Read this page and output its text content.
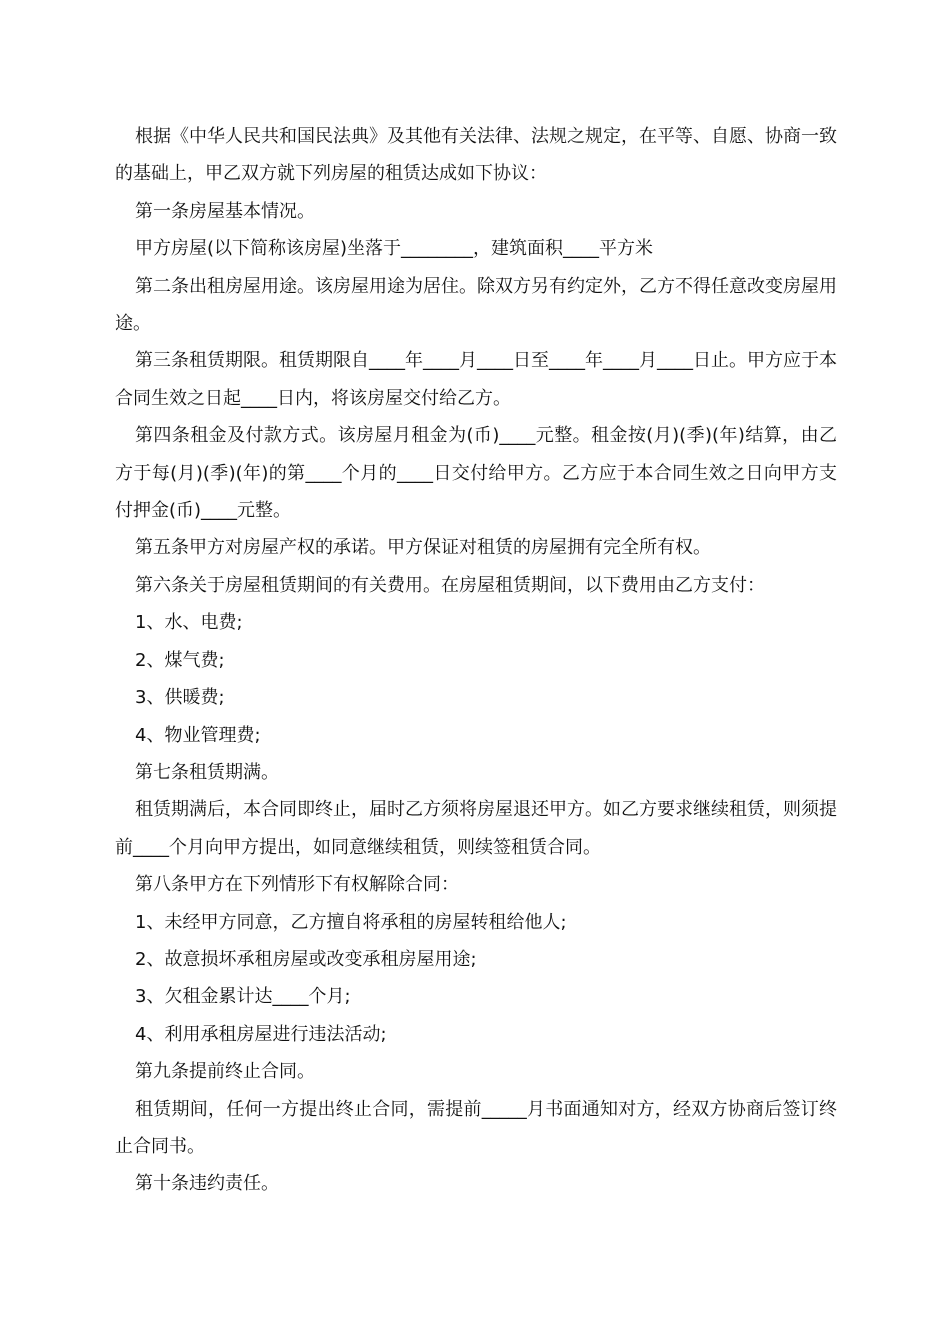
根据《中华人民共和国民法典》及其他有关法律、法规之规定，在平等、自愿、协商一致的基础上，甲乙双方就下列房屋的租赁达成如下协议：

第一条房屋基本情况。

甲方房屋(以下简称该房屋)坐落于________，建筑面积____平方米

第二条出租房屋用途。该房屋用途为居住。除双方另有约定外，乙方不得任意改变房屋用途。

第三条租赁期限。租赁期限自____年____月____日至____年____月____日止。甲方应于本合同生效之日起____日内，将该房屋交付给乙方。

第四条租金及付款方式。该房屋月租金为(币)____元整。租金按(月)(季)(年)结算，由乙方于每(月)(季)(年)的第____个月的____日交付给甲方。乙方应于本合同生效之日向甲方支付押金(币)____元整。

第五条甲方对房屋产权的承诺。甲方保证对租赁的房屋拥有完全所有权。

第六条关于房屋租赁期间的有关费用。在房屋租赁期间，以下费用由乙方支付：

1、水、电费;

2、煤气费;

3、供暖费;

4、物业管理费;

第七条租赁期满。

租赁期满后，本合同即终止，届时乙方须将房屋退还甲方。如乙方要求继续租赁，则须提前____个月向甲方提出，如同意继续租赁，则续签租赁合同。

第八条甲方在下列情形下有权解除合同：

1、未经甲方同意，乙方擅自将承租的房屋转租给他人;

2、故意损坏承租房屋或改变承租房屋用途;

3、欠租金累计达____个月;

4、利用承租房屋进行违法活动;

第九条提前终止合同。

租赁期间，任何一方提出终止合同，需提前_____月书面通知对方，经双方协商后签订终止合同书。

第十条违约责任。
